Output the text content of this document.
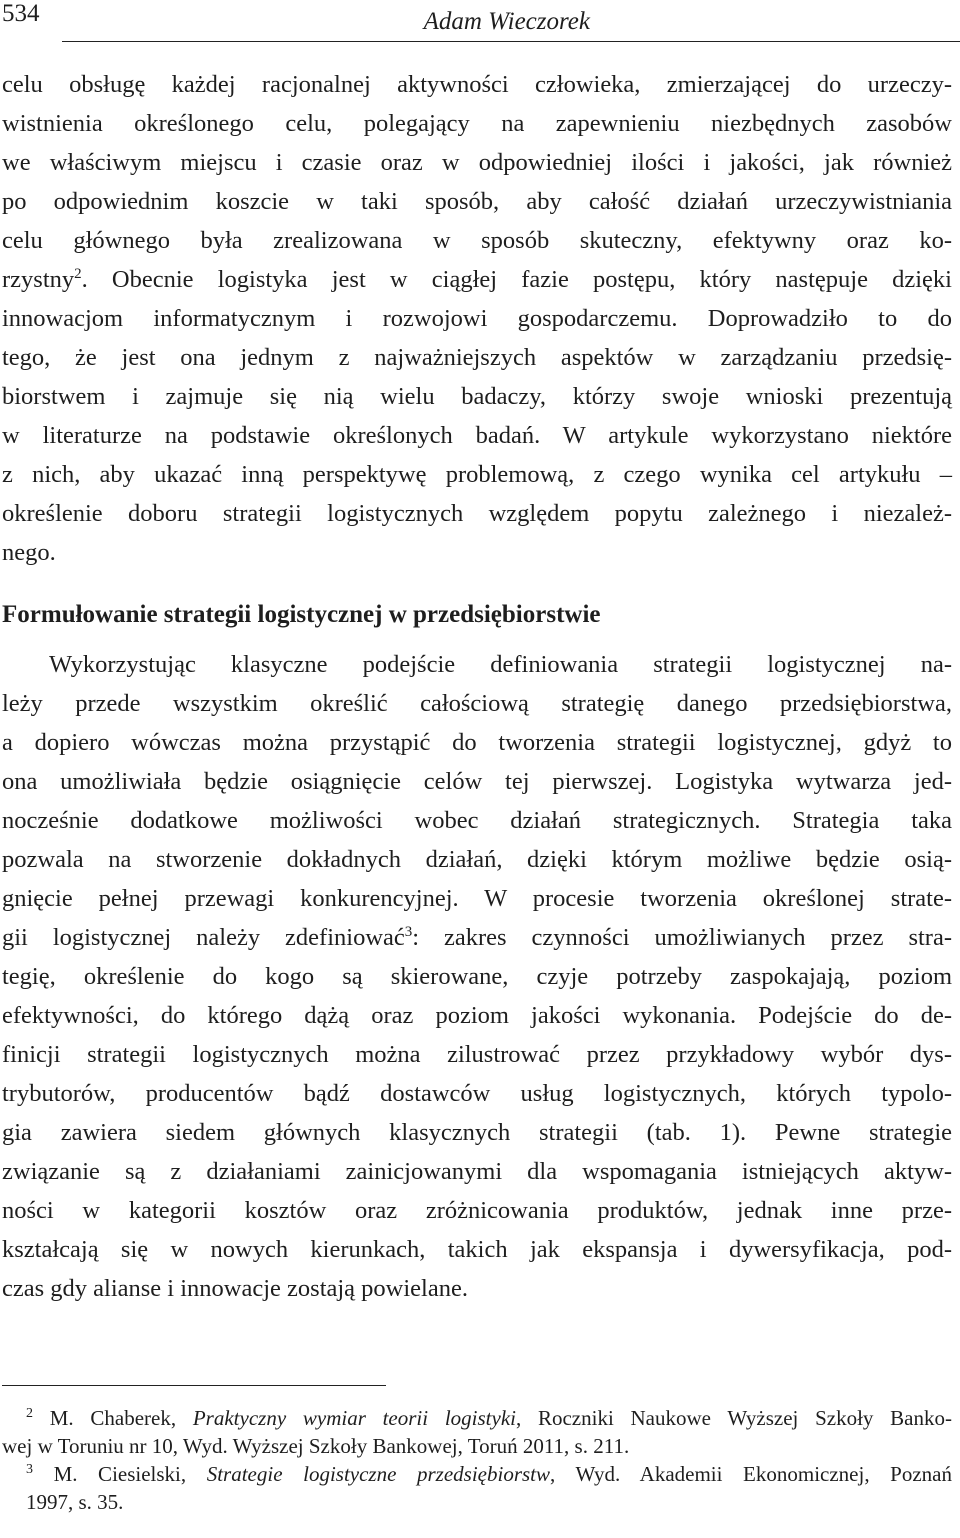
534	Adam Wieczorek
celu obsługę każdej racjonalnej aktywności człowieka, zmierzającej do urzeczy-
wistnienia określonego celu, polegający na zapewnieniu niezbędnych zasobów
we właściwym miejscu i czasie oraz w odpowiedniej ilości i jakości, jak również
po odpowiednim koszcie w taki sposób, aby całość działań urzeczywistniania
celu głównego była zrealizowana w sposób skuteczny, efektywny oraz ko-
rzystny$^2$. Obecnie logistyka jest w ciągłej fazie postępu, który następuje dzięki
innowacjom informatycznym i rozwojowi gospodarczemu. Doprowadziło to do
tego, że jest ona jednym z najważniejszych aspektów w zarządzaniu przedsię-
biorstwem i zajmuje się nią wielu badaczy, którzy swoje wnioski prezentują
w literaturze na podstawie określonych badań. W artykule wykorzystano niektóre
z nich, aby ukazać inną perspektywę problemową, z czego wynika cel artykułu –
określenie doboru strategii logistycznych względem popytu zależnego i niezależ-
nego.
Formułowanie strategii logistycznej w przedsiębiorstwie
Wykorzystując klasyczne podejście definiowania strategii logistycznej na-
leży przede wszystkim określić całościową strategię danego przedsiębiorstwa,
a dopiero wówczas można przystąpić do tworzenia strategii logistycznej, gdyż to
ona umożliwiała będzie osiągnięcie celów tej pierwszej. Logistyka wytwarza jed-
nocześnie dodatkowe możliwości wobec działań strategicznych. Strategia taka
pozwala na stworzenie dokładnych działań, dzięki którym możliwe będzie osią-
gnięcie pełnej przewagi konkurencyjnej. W procesie tworzenia określonej strate-
gii logistycznej należy zdefiniować$^3$: zakres czynności umożliwianych przez stra-
tegię, określenie do kogo są skierowane, czyje potrzeby zaspokajają, poziom
efektywności, do którego dążą oraz poziom jakości wykonania. Podejście do de-
finicji strategii logistycznych można zilustrować przez przykładowy wybór dys-
trybutorów, producentów bądź dostawców usług logistycznych, których typolo-
gia zawiera siedem głównych klasycznych strategii (tab. 1). Pewne strategie
związanie są z działaniami zainicjowanymi dla wspomagania istniejących aktyw-
ności w kategorii kosztów oraz zróżnicowania produktów, jednak inne prze-
kształcają się w nowych kierunkach, takich jak ekspansja i dywersyfikacja, pod-
czas gdy alianse i innowacje zostają powielane.
$^2$ M. Chaberek, Praktyczny wymiar teorii logistyki, Roczniki Naukowe Wyższej Szkoły Banko-
wej w Toruniu nr 10, Wyd. Wyższej Szkoły Bankowej, Toruń 2011, s. 211.
$^3$ M. Ciesielski, Strategie logistyczne przedsiębiorstw, Wyd. Akademii Ekonomicznej, Poznań
1997, s. 35.
